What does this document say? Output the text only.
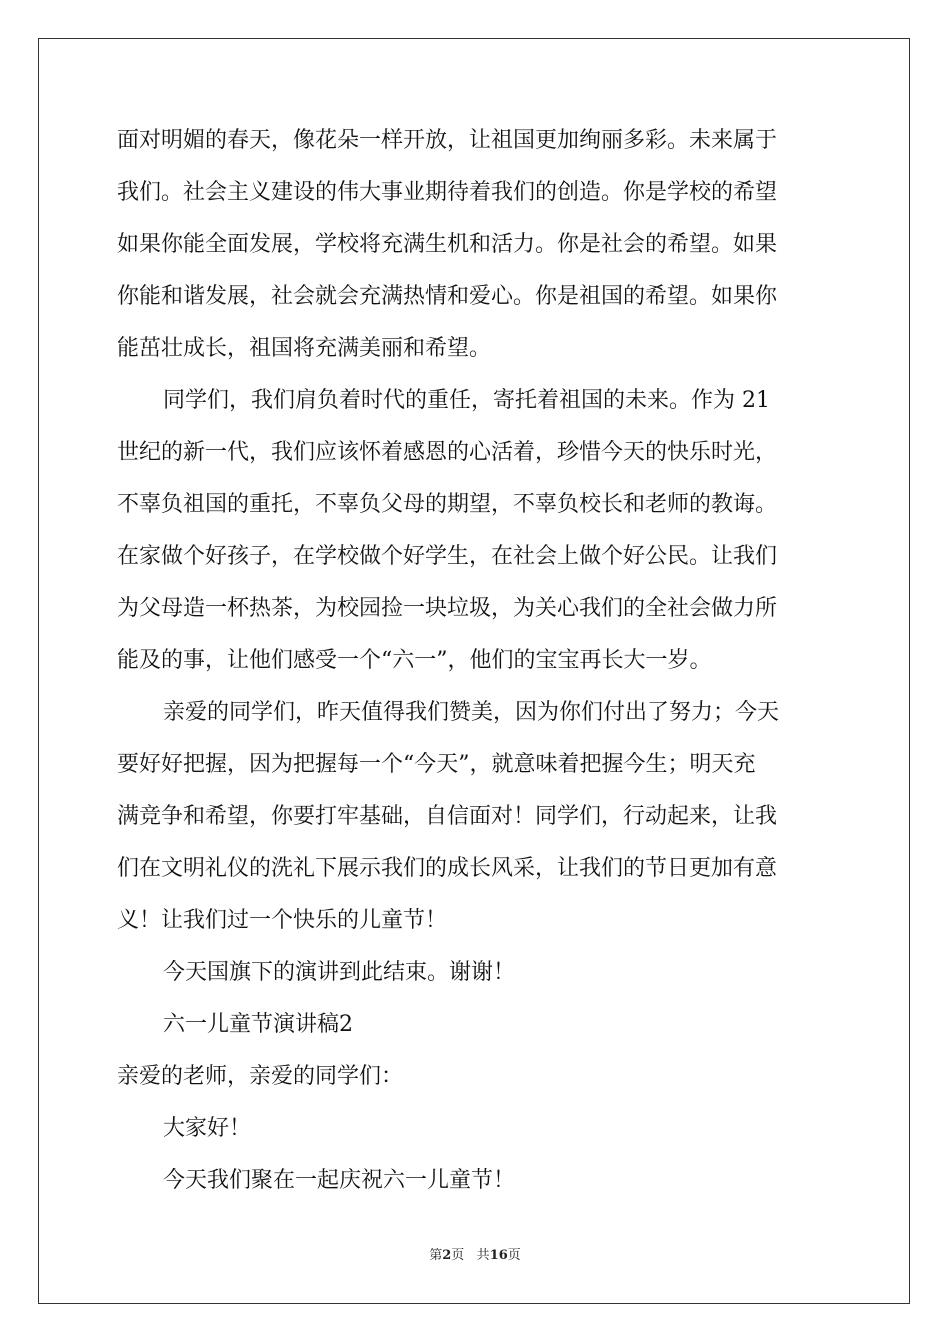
面对明媚的春天，像花朵一样开放，让祖国更加绚丽多彩。未来属于
我们。社会主义建设的伟大事业期待着我们的创造。你是学校的希望
如果你能全面发展，学校将充满生机和活力。你是社会的希望。如果
你能和谐发展，社会就会充满热情和爱心。你是祖国的希望。如果你
能茁壮成长，祖国将充满美丽和希望。
同学们，我们肩负着时代的重任，寄托着祖国的未来。作为 21
世纪的新一代，我们应该怀着感恩的心活着，珍惜今天的快乐时光，
不辜负祖国的重托，不辜负父母的期望，不辜负校长和老师的教诲。
在家做个好孩子，在学校做个好学生，在社会上做个好公民。让我们
为父母造一杯热茶，为校园捡一块垃圾，为关心我们的全社会做力所
能及的事，让他们感受一个“六一”，他们的宝宝再长大一岁。
亲爱的同学们，昨天值得我们赞美，因为你们付出了努力；今天
要好好把握，因为把握每一个“今天”，就意味着把握今生；明天充
满竞争和希望，你要打牢基础，自信面对！同学们，行动起来，让我
们在文明礼仪的洗礼下展示我们的成长风采，让我们的节日更加有意
义！让我们过一个快乐的儿童节！
今天国旗下的演讲到此结束。谢谢！
六一儿童节演讲稿2
亲爱的老师，亲爱的同学们：
大家好！
今天我们聚在一起庆祝六一儿童节！
第2页 共16页
